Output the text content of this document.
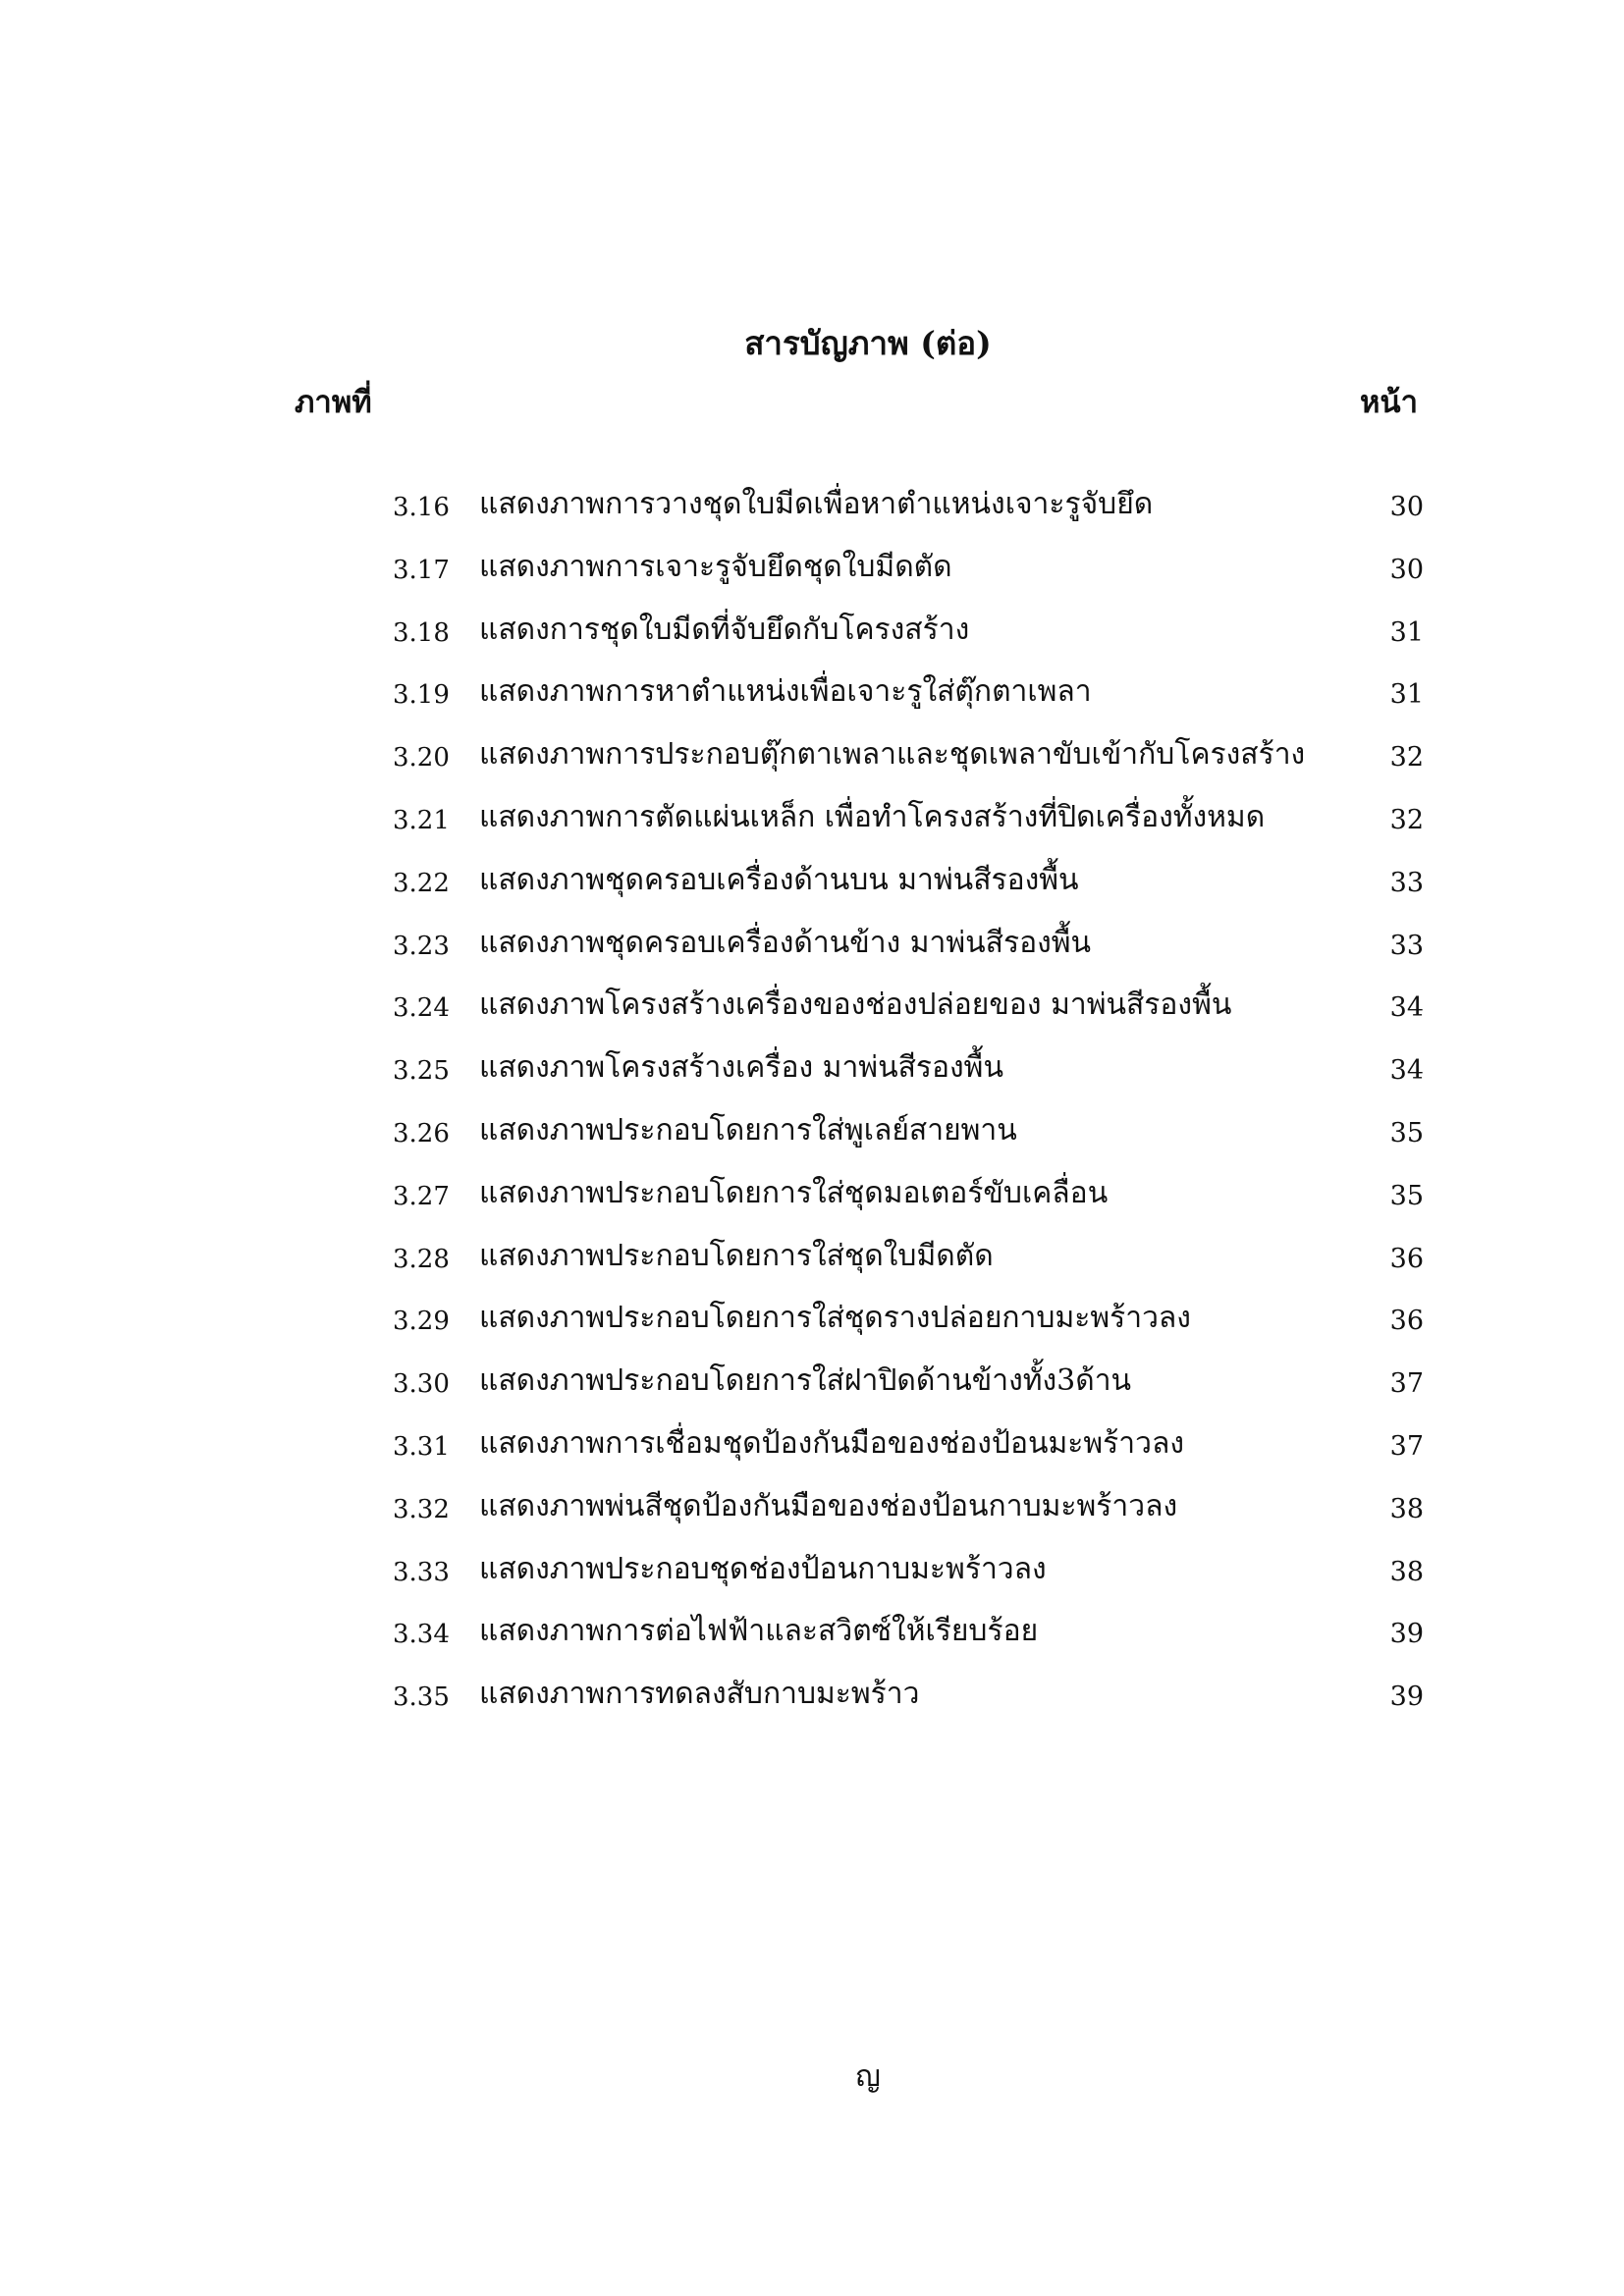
สารบัญภาพ (ต่อ)
ภาพที่	หน้า
3.16 แสดงภาพการวางชุดใบมีดเพื่อหาตำแหน่งเจาะรูจับยึด	30
3.17 แสดงภาพการเจาะรูจับยึดชุดใบมีดตัด	30
3.18 แสดงการชุดใบมีดที่จับยึดกับโครงสร้าง	31
3.19 แสดงภาพการหาตำแหน่งเพื่อเจาะรูใส่ตุ๊กตาเพลา	31
3.20 แสดงภาพการประกอบตุ๊กตาเพลาและชุดเพลาขับเข้ากับโครงสร้าง	32
3.21 แสดงภาพการตัดแผ่นเหล็ก เพื่อทำโครงสร้างที่ปิดเครื่องทั้งหมด	32
3.22 แสดงภาพชุดครอบเครื่องด้านบน มาพ่นสีรองพื้น	33
3.23 แสดงภาพชุดครอบเครื่องด้านข้าง มาพ่นสีรองพื้น	33
3.24 แสดงภาพโครงสร้างเครื่องของช่องปล่อยของ มาพ่นสีรองพื้น	34
3.25 แสดงภาพโครงสร้างเครื่อง มาพ่นสีรองพื้น	34
3.26 แสดงภาพประกอบโดยการใส่พูเลย์สายพาน	35
3.27 แสดงภาพประกอบโดยการใส่ชุดมอเตอร์ขับเคลื่อน	35
3.28 แสดงภาพประกอบโดยการใส่ชุดใบมีดตัด	36
3.29 แสดงภาพประกอบโดยการใส่ชุดรางปล่อยกาบมะพร้าวลง	36
3.30 แสดงภาพประกอบโดยการใส่ฝาปิดด้านข้างทั้ง3ด้าน	37
3.31 แสดงภาพการเชื่อมชุดป้องกันมือของช่องป้อนมะพร้าวลง	37
3.32 แสดงภาพพ่นสีชุดป้องกันมือของช่องป้อนกาบมะพร้าวลง	38
3.33 แสดงภาพประกอบชุดช่องป้อนกาบมะพร้าวลง	38
3.34 แสดงภาพการต่อไฟฟ้าและสวิตซ์ให้เรียบร้อย	39
3.35 แสดงภาพการทดลงสับกาบมะพร้าว	39
ญ
